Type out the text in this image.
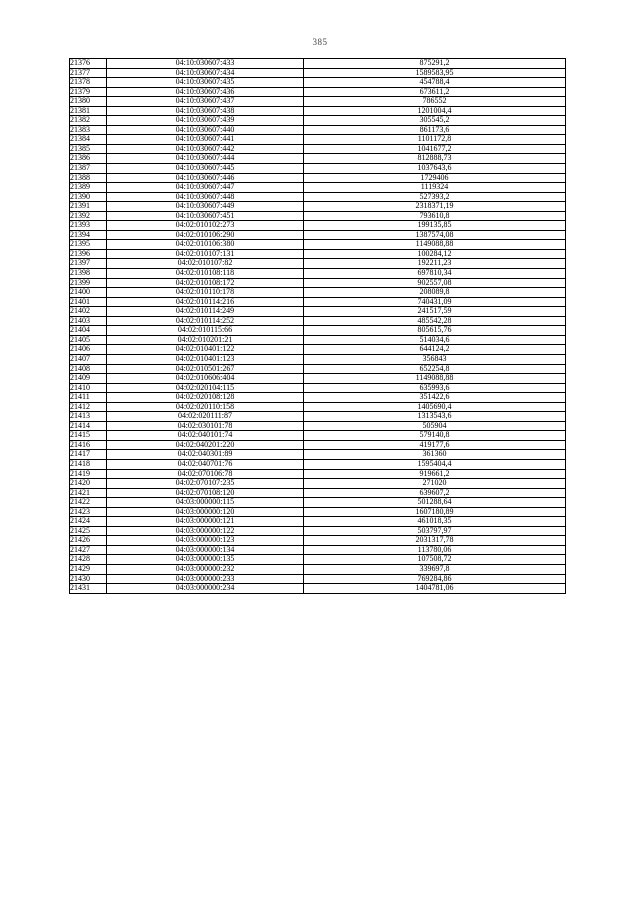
385
21376	04:10:030607:433	875291,2
21377	04:10:030607:434	1589583,95
21378	04:10:030607:435	454788,4
21379	04:10:030607:436	673611,2
21380	04:10:030607:437	786552
21381	04:10:030607:438	1201004,4
21382	04:10:030607:439	305545,2
21383	04:10:030607:440	861173,6
21384	04:10:030607:441	1101172,8
21385	04:10:030607:442	1041677,2
21386	04:10:030607:444	812888,73
21387	04:10:030607:445	1037643,6
21388	04:10:030607:446	1729406
21389	04:10:030607:447	1119324
21390	04:10:030607:448	527393,2
21391	04:10:030607:449	2318371,19
21392	04:10:030607:451	793610,8
21393	04:02:010102:273	199135,85
21394	04:02:010106:290	1387574,08
21395	04:02:010106:380	1149088,88
21396	04:02:010107:131	100284,12
21397	04:02:010107:82	192211,23
21398	04:02:010108:118	697810,34
21399	04:02:010108:172	902557,08
21400	04:02:010110:178	208089,8
21401	04:02:010114:216	740431,09
21402	04:02:010114:249	241517,59
21403	04:02:010114:252	485542,28
21404	04:02:010115:66	805615,76
21405	04:02:010201:21	514034,6
21406	04:02:010401:122	644124,2
21407	04:02:010401:123	356843
21408	04:02:010501:267	652254,8
21409	04:02:010606:404	1149088,88
21410	04:02:020104:115	635993,6
21411	04:02:020108:128	351422,6
21412	04:02:020110:158	1405690,4
21413	04:02:020111:87	1313543,6
21414	04:02:030101:78	505904
21415	04:02:040101:74	579140,8
21416	04:02:040201:220	419177,6
21417	04:02:040301:89	361360
21418	04:02:040701:76	1595404,4
21419	04:02:070106:78	919661,2
21420	04:02:070107:235	271020
21421	04:02:070108:120	639607,2
21422	04:03:000000:115	501288,64
21423	04:03:000000:120	1607180,89
21424	04:03:000000:121	461018,35
21425	04:03:000000:122	503797,97
21426	04:03:000000:123	2031317,78
21427	04:03:000000:134	113780,06
21428	04:03:000000:135	107508,72
21429	04:03:000000:232	339697,8
21430	04:03:000000:233	769284,86
21431	04:03:000000:234	1404781,06
